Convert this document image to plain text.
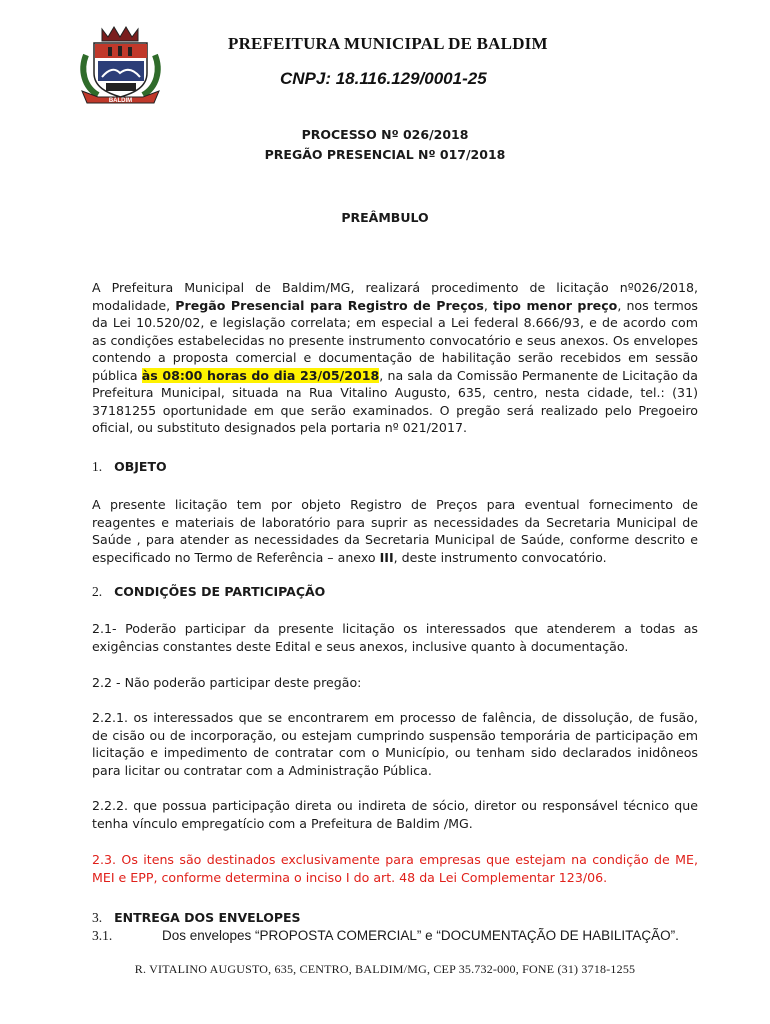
BALDIM
PREFEITURA MUNICIPAL DE BALDIM
CNPJ: 18.116.129/0001-25
PROCESSO Nº 026/2018
PREGÃO PRESENCIAL Nº 017/2018
PREÂMBULO
A Prefeitura Municipal de Baldim/MG, realizará procedimento de licitação nº026/2018, modalidade, Pregão Presencial para Registro de Preços, tipo menor preço, nos termos da Lei 10.520/02, e legislação correlata; em especial a Lei federal 8.666/93, e de acordo com as condições estabelecidas no presente instrumento convocatório e seus anexos. Os envelopes contendo a proposta comercial e documentação de habilitação serão recebidos em sessão pública às 08:00 horas do dia 23/05/2018, na sala da Comissão Permanente de Licitação da Prefeitura Municipal, situada na Rua Vitalino Augusto, 635, centro, nesta cidade, tel.: (31) 37181255 oportunidade em que serão examinados. O pregão será realizado pelo Pregoeiro oficial, ou substituto designados pela portaria nº 021/2017.
1. OBJETO
A presente licitação tem por objeto Registro de Preços para eventual fornecimento de reagentes e materiais de laboratório para suprir as necessidades da Secretaria Municipal de Saúde , para atender as necessidades da Secretaria Municipal de Saúde, conforme descrito e especificado no Termo de Referência – anexo III, deste instrumento convocatório.
2. CONDIÇÕES DE PARTICIPAÇÃO
2.1- Poderão participar da presente licitação os interessados que atenderem a todas as exigências constantes deste Edital e seus anexos, inclusive quanto à documentação.
2.2 - Não poderão participar deste pregão:
2.2.1. os interessados que se encontrarem em processo de falência, de dissolução, de fusão, de cisão ou de incorporação, ou estejam cumprindo suspensão temporária de participação em licitação e impedimento de contratar com o Município, ou tenham sido declarados inidôneos para licitar ou contratar com a Administração Pública.
2.2.2. que possua participação direta ou indireta de sócio, diretor ou responsável técnico que tenha vínculo empregatício com a Prefeitura de Baldim /MG.
2.3. Os itens são destinados exclusivamente para empresas que estejam na condição de ME, MEI e EPP, conforme determina o inciso I do art. 48 da Lei Complementar 123/06.
3. ENTREGA DOS ENVELOPES
3.1.	Dos envelopes “PROPOSTA COMERCIAL” e “DOCUMENTAÇÃO DE HABILITAÇÃO”.
R. VITALINO AUGUSTO, 635, CENTRO, BALDIM/MG, CEP 35.732-000, FONE (31) 3718-1255
